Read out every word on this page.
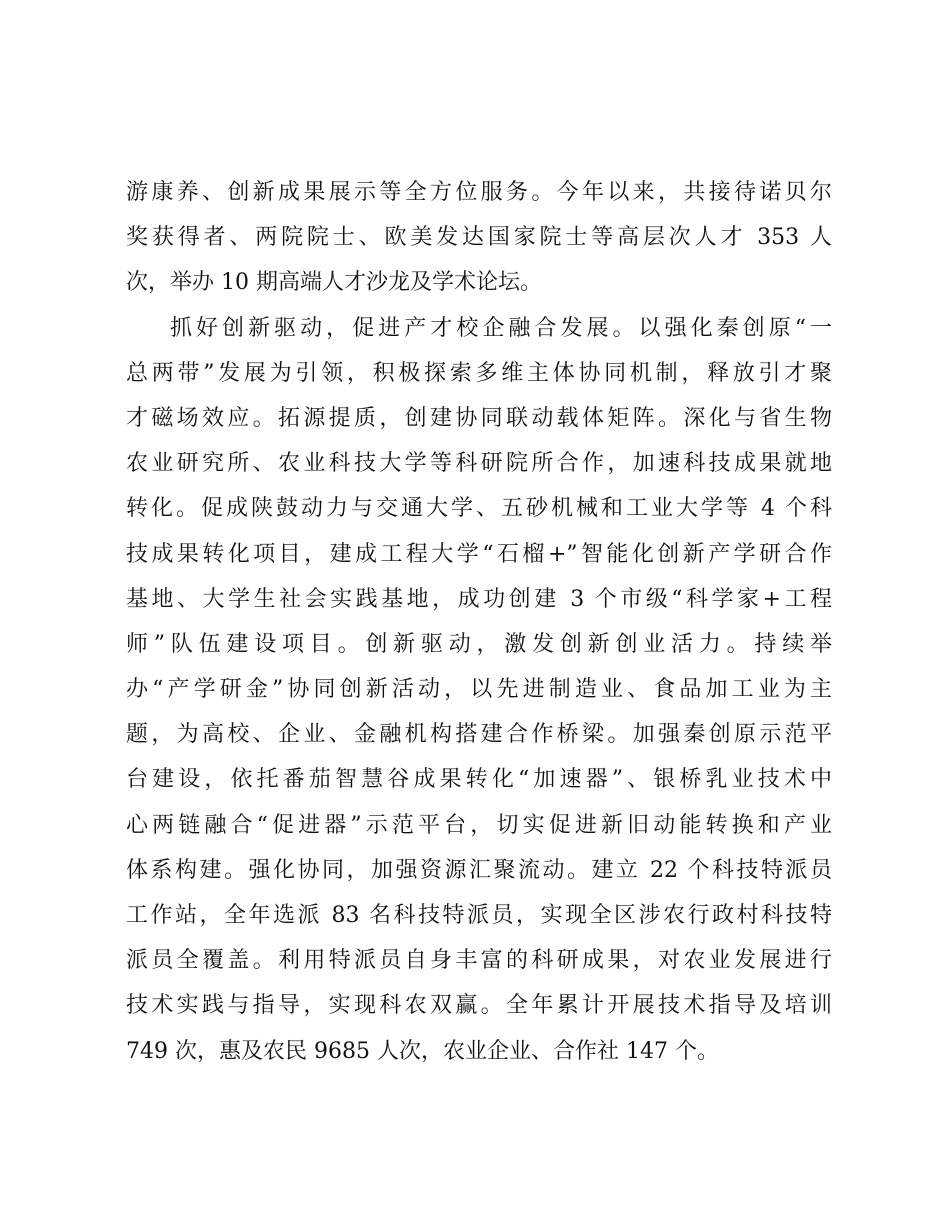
游康养、创新成果展示等全方位服务。今年以来，共接待诺贝尔
奖获得者、两院院士、欧美发达国家院士等高层次人才 353 人
次，举办 10 期高端人才沙龙及学术论坛。
抓好创新驱动，促进产才校企融合发展。以强化秦创原“一
总两带”发展为引领，积极探索多维主体协同机制，释放引才聚
才磁场效应。拓源提质，创建协同联动载体矩阵。深化与省生物
农业研究所、农业科技大学等科研院所合作，加速科技成果就地
转化。促成陕鼓动力与交通大学、五砂机械和工业大学等 4 个科
技成果转化项目，建成工程大学“石榴+”智能化创新产学研合作
基地、大学生社会实践基地，成功创建 3 个市级“科学家+工程
师”队伍建设项目。创新驱动，激发创新创业活力。持续举
办“产学研金”协同创新活动，以先进制造业、食品加工业为主
题，为高校、企业、金融机构搭建合作桥梁。加强秦创原示范平
台建设，依托番茄智慧谷成果转化“加速器”、银桥乳业技术中
心两链融合“促进器”示范平台，切实促进新旧动能转换和产业
体系构建。强化协同，加强资源汇聚流动。建立 22 个科技特派员
工作站，全年选派 83 名科技特派员，实现全区涉农行政村科技特
派员全覆盖。利用特派员自身丰富的科研成果，对农业发展进行
技术实践与指导，实现科农双赢。全年累计开展技术指导及培训
749 次，惠及农民 9685 人次，农业企业、合作社 147 个。
